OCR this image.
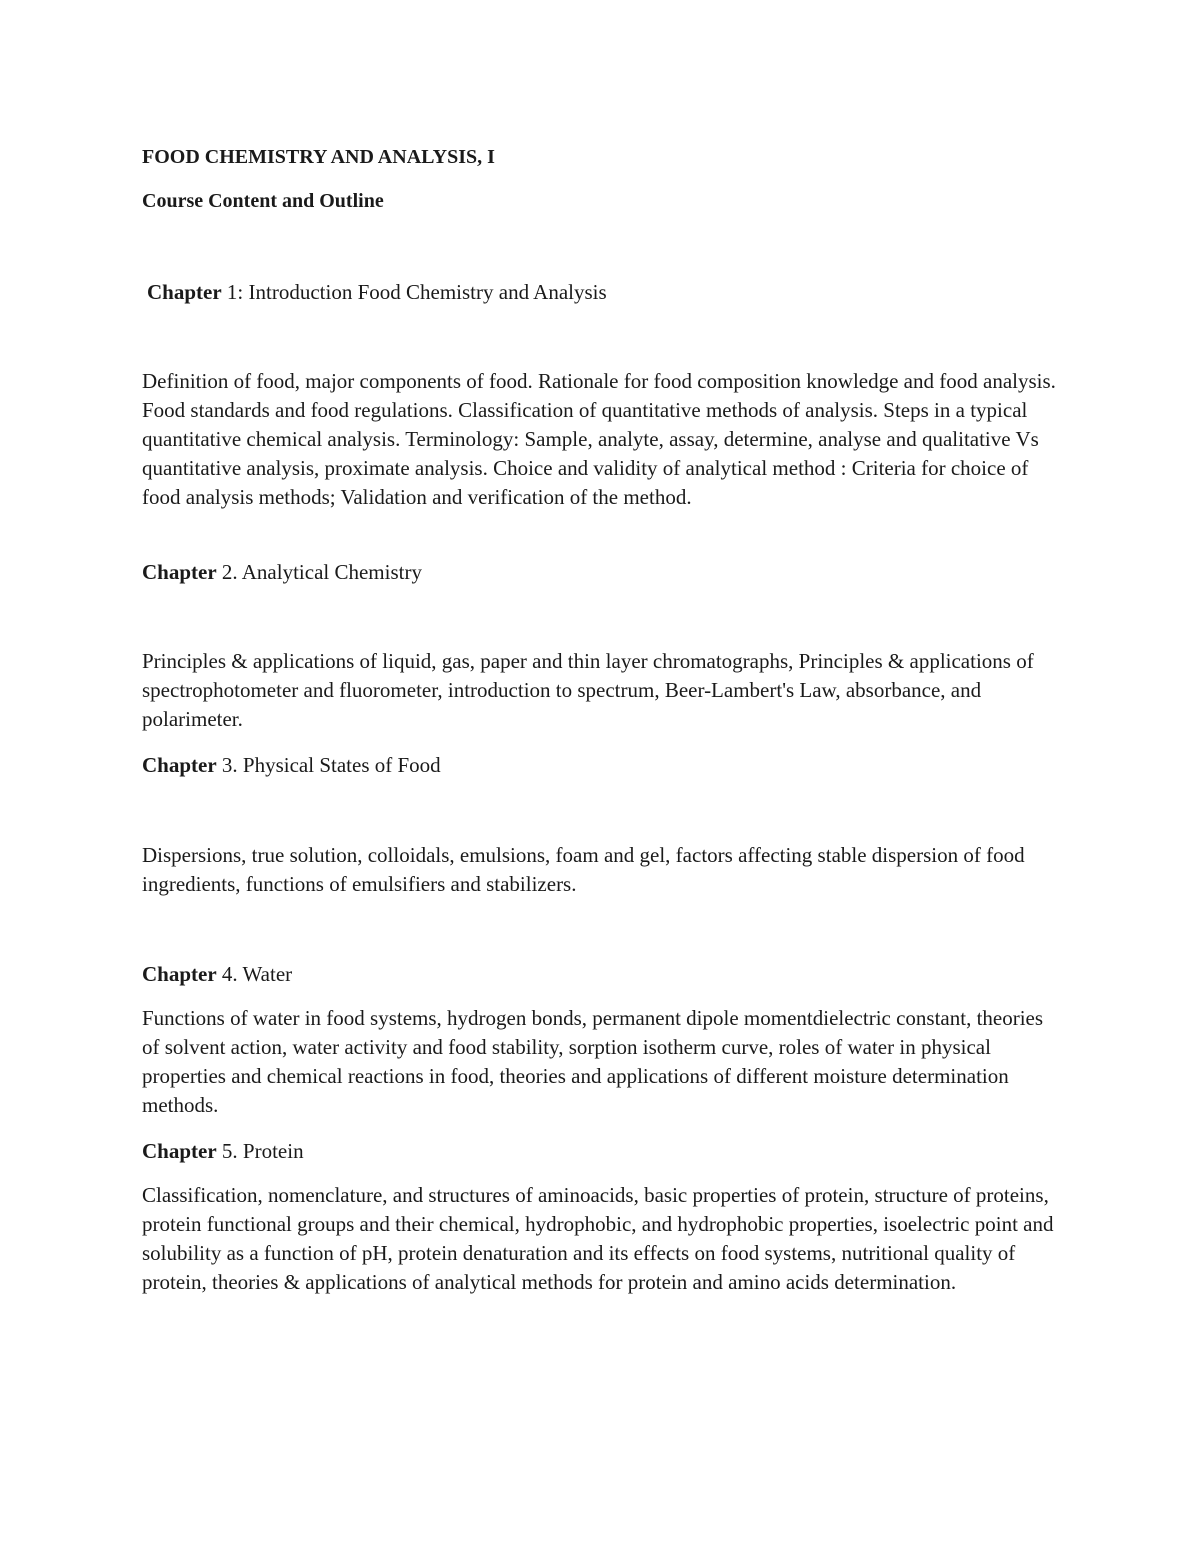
FOOD CHEMISTRY AND ANALYSIS, I

Course Content and Outline

Chapter 1: Introduction Food Chemistry and Analysis

Definition of food, major components of food. Rationale for food composition knowledge and food analysis. Food standards and food regulations. Classification of quantitative methods of analysis. Steps in a typical quantitative chemical analysis. Terminology: Sample, analyte, assay, determine, analyse and qualitative Vs quantitative analysis, proximate analysis. Choice and validity of analytical method : Criteria for choice of food analysis methods; Validation and verification of the method.

Chapter 2. Analytical Chemistry

Principles & applications of liquid, gas, paper and thin layer chromatographs, Principles & applications of spectrophotometer and fluorometer, introduction to spectrum, Beer-Lambert's Law, absorbance, and polarimeter.

Chapter 3. Physical States of Food

Dispersions, true solution, colloidals, emulsions, foam and gel, factors affecting stable dispersion of food ingredients, functions of emulsifiers and stabilizers.

Chapter 4. Water

Functions of water in food systems, hydrogen bonds, permanent dipole momentdielectric constant, theories of solvent action, water activity and food stability, sorption isotherm curve, roles of water in physical properties and chemical reactions in food, theories and applications of different moisture determination methods.

Chapter 5. Protein

Classification, nomenclature, and structures of aminoacids, basic properties of protein, structure of proteins, protein functional groups and their chemical, hydrophobic, and hydrophobic properties, isoelectric point and solubility as a function of pH, protein denaturation and its effects on food systems, nutritional quality of protein, theories & applications of analytical methods for protein and amino acids determination.
